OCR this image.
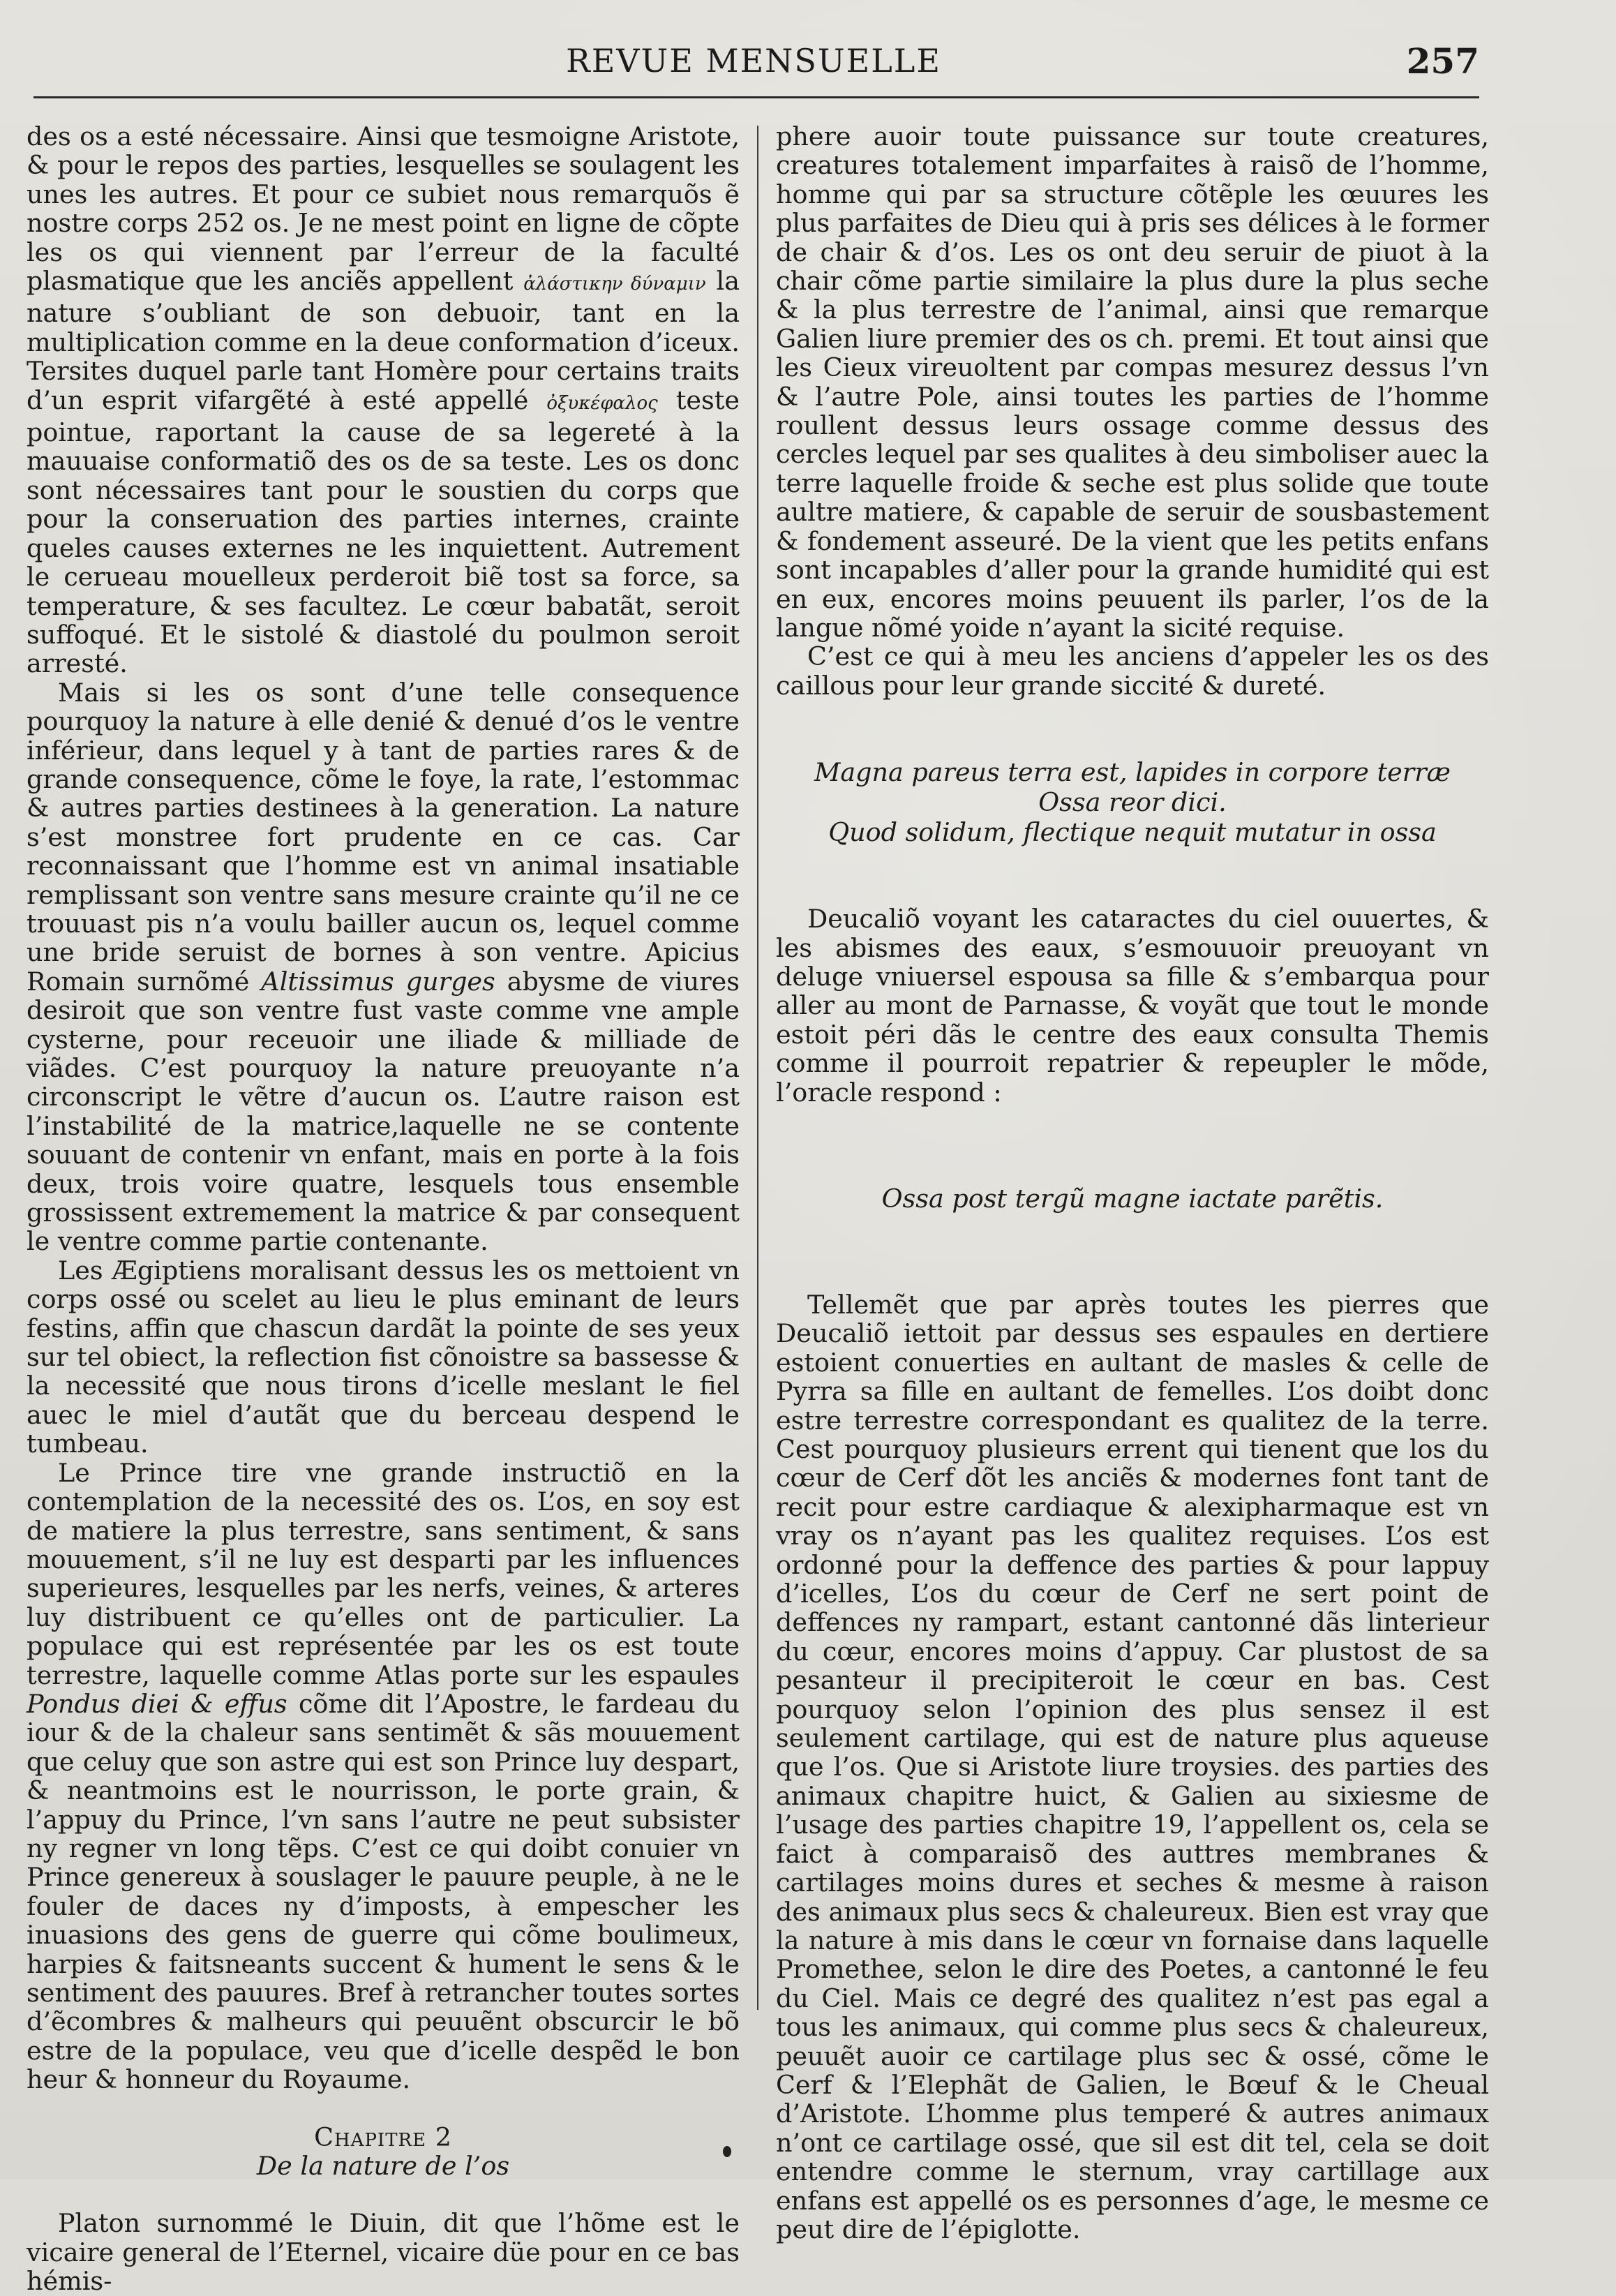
REVUE MENSUELLE	257

des os a esté nécessaire. Ainsi que tesmoigne Aristote, & pour le repos des parties, lesquelles se soulagent les unes les autres. Et pour ce subiet nous remarquõs ẽ nostre corps 252 os. Je ne mest point en ligne de cõpte les os qui viennent par l’erreur de la faculté plasmatique que les anciẽs appellent ἀλάστικην δύναμιν la nature s’oubliant de son debuoir, tant en la multiplication comme en la deue conformation d’iceux. Tersites duquel parle tant Homère pour certains traits d’un esprit vifargẽté à esté appellé ὀξυκέφαλος teste pointue, raportant la cause de sa legereté à la mauuaise conformatiõ des os de sa teste. Les os donc sont nécessaires tant pour le soustien du corps que pour la conseruation des parties internes, crainte queles causes externes ne les inquiettent. Autrement le cerueau mouelleux perderoit biẽ tost sa force, sa temperature, & ses facultez. Le cœur babatãt, seroit suffoqué. Et le sistolé & diastolé du poulmon seroit arresté.

Mais si les os sont d’une telle consequence pourquoy la nature à elle denié & denué d’os le ventre inférieur, dans lequel y à tant de parties rares & de grande consequence, cõme le foye, la rate, l’estommac & autres parties destinees à la generation. La nature s’est monstree fort prudente en ce cas. Car reconnaissant que l’homme est vn animal insatiable remplissant son ventre sans mesure crainte qu’il ne ce trouuast pis n’a voulu bailler aucun os, lequel comme une bride seruist de bornes à son ventre. Apicius Romain surnõmé Altissimus gurges abysme de viures desiroit que son ventre fust vaste comme vne ample cysterne, pour receuoir une iliade & milliade de viãdes. C’est pourquoy la nature preuoyante n’a circonscript le vẽtre d’aucun os. L’autre raison est l’instabilité de la matrice,laquelle ne se contente souuant de contenir vn enfant, mais en porte à la fois deux, trois voire quatre, lesquels tous ensemble grossissent extremement la matrice & par consequent le ventre comme partie contenante.

Les Ægiptiens moralisant dessus les os mettoient vn corps ossé ou scelet au lieu le plus eminant de leurs festins, affin que chascun dardãt la pointe de ses yeux sur tel obiect, la reflection fist cõnoistre sa bassesse & la necessité que nous tirons d’icelle meslant le fiel auec le miel d’autãt que du berceau despend le tumbeau.

Le Prince tire vne grande instructiõ en la contemplation de la necessité des os. L’os, en soy est de matiere la plus terrestre, sans sentiment, & sans mouuement, s’il ne luy est desparti par les influences superieures, lesquelles par les nerfs, veines, & arteres luy distribuent ce qu’elles ont de particulier. La populace qui est représentée par les os est toute terrestre, laquelle comme Atlas porte sur les espaules Pondus diei & effus cõme dit l’Apostre, le fardeau du iour & de la chaleur sans sentimẽt & sãs mouuement que celuy que son astre qui est son Prince luy despart, & neantmoins est le nourrisson, le porte grain, & l’appuy du Prince, l’vn sans l’autre ne peut subsister ny regner vn long tẽps. C’est ce qui doibt conuier vn Prince genereux à souslager le pauure peuple, à ne le fouler de daces ny d’imposts, à empescher les inuasions des gens de guerre qui cõme boulimeux, harpies & faitsneants succent & hument le sens & le sentiment des pauures. Bref à retrancher toutes sortes d’ẽcombres & malheurs qui peuuẽnt obscurcir le bõ estre de la populace, veu que d’icelle despẽd le bon heur & honneur du Royaume.

Chapitre 2

De la nature de l’os

Platon surnommé le Diuin, dit que l’hõme est le vicaire general de l’Eternel, vicaire düe pour en ce bas hémis-

phere auoir toute puissance sur toute creatures, creatures totalement imparfaites à raisõ de l’homme, homme qui par sa structure cõtẽple les œuures les plus parfaites de Dieu qui à pris ses délices à le former de chair & d’os. Les os ont deu seruir de piuot à la chair cõme partie similaire la plus dure la plus seche & la plus terrestre de l’animal, ainsi que remarque Galien liure premier des os ch. premi. Et tout ainsi que les Cieux vireuoltent par compas mesurez dessus l’vn & l’autre Pole, ainsi toutes les parties de l’homme roullent dessus leurs ossage comme dessus des cercles lequel par ses qualites à deu simboliser auec la terre laquelle froide & seche est plus solide que toute aultre matiere, & capable de seruir de sousbastement & fondement asseuré. De la vient que les petits enfans sont incapables d’aller pour la grande humidité qui est en eux, encores moins peuuent ils parler, l’os de la langue nõmé yoide n’ayant la sicité requise.

C’est ce qui à meu les anciens d’appeler les os des caillous pour leur grande siccité & dureté.

Magna pareus terra est, lapides in corpore terræ

Ossa reor dici.

Quod solidum, flectique nequit mutatur in ossa

Deucaliõ voyant les cataractes du ciel ouuertes, & les abismes des eaux, s’esmouuoir preuoyant vn deluge vniuersel espousa sa fille & s’embarqua pour aller au mont de Parnasse, & voyãt que tout le monde estoit péri dãs le centre des eaux consulta Themis comme il pourroit repatrier & repeupler le mõde, l’oracle respond :

Ossa post tergũ magne iactate parẽtis.

Tellemẽt que par après toutes les pierres que Deucaliõ iettoit par dessus ses espaules en dertiere estoient conuerties en aultant de masles & celle de Pyrra sa fille en aultant de femelles. L’os doibt donc estre terrestre correspondant es qualitez de la terre. Cest pourquoy plusieurs errent qui tienent que los du cœur de Cerf dõt les anciẽs & modernes font tant de recit pour estre cardiaque & alexipharmaque est vn vray os n’ayant pas les qualitez requises. L’os est ordonné pour la deffence des parties & pour lappuy d’icelles, L’os du cœur de Cerf ne sert point de deffences ny rampart, estant cantonné dãs linterieur du cœur, encores moins d’appuy. Car plustost de sa pesanteur il precipiteroit le cœur en bas. Cest pourquoy selon l’opinion des plus sensez il est seulement cartilage, qui est de nature plus aqueuse que l’os. Que si Aristote liure troysies. des parties des animaux chapitre huict, & Galien au sixiesme de l’usage des parties chapitre 19, l’appellent os, cela se faict à comparaisõ des auttres membranes & cartilages moins dures et seches & mesme à raison des animaux plus secs & chaleureux. Bien est vray que la nature à mis dans le cœur vn fornaise dans laquelle Promethee, selon le dire des Poetes, a cantonné le feu du Ciel. Mais ce degré des qualitez n’est pas egal a tous les animaux, qui comme plus secs & chaleureux, peuuẽt auoir ce cartilage plus sec & ossé, cõme le Cerf & l’Elephãt de Galien, le Bœuf & le Cheual d’Aristote. L’homme plus temperé & autres animaux n’ont ce cartilage ossé, que sil est dit tel, cela se doit entendre comme le sternum, vray cartillage aux enfans est appellé os es personnes d’age, le mesme ce peut dire de l’épiglotte.
